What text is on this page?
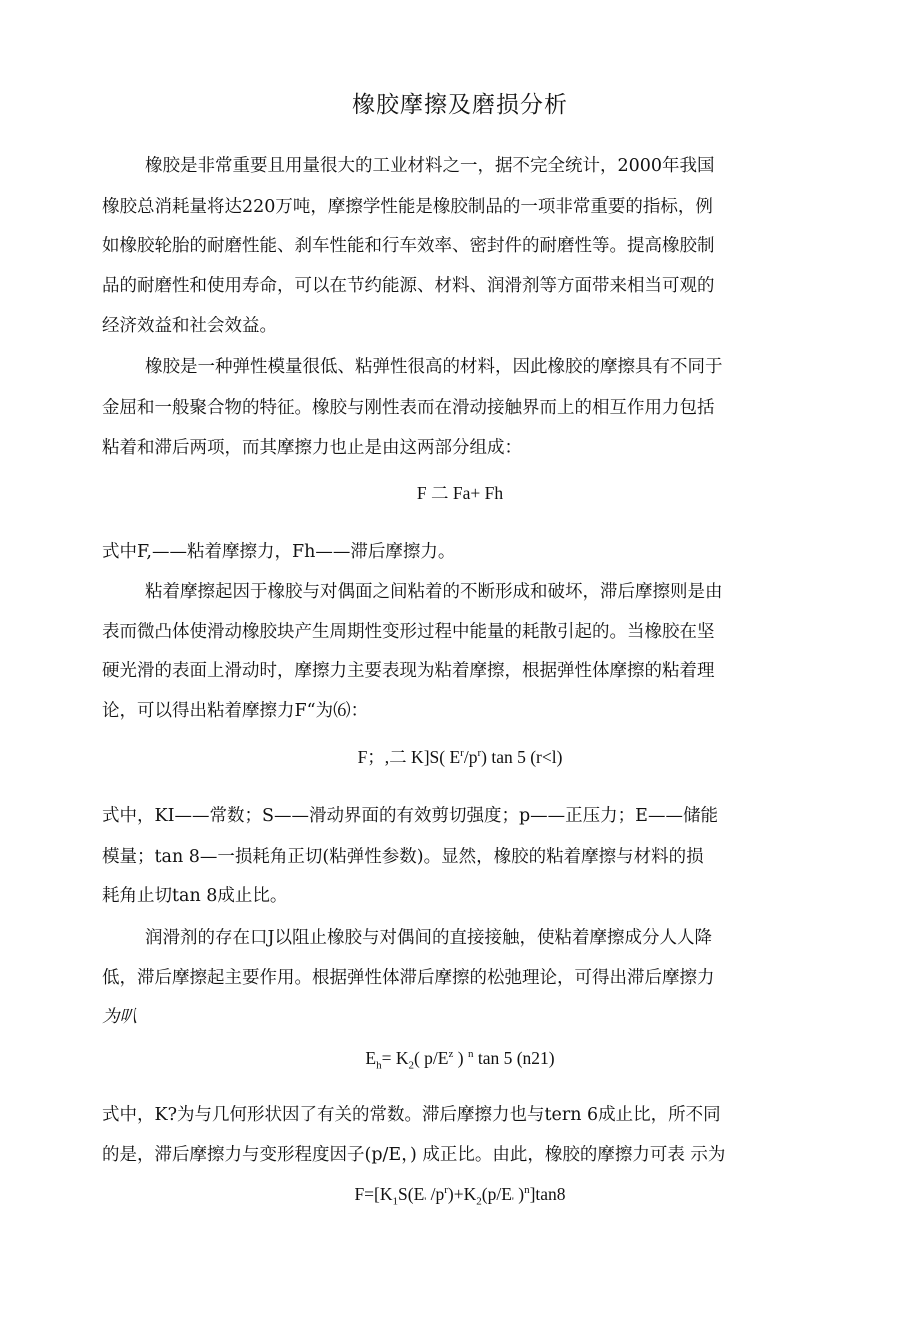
橡胶摩擦及磨损分析
橡胶是非常重要且用量很大的工业材料之一，据不完全统计，2000年我国
橡胶总消耗量将达220万吨，摩擦学性能是橡胶制品的一项非常重要的指标，例
如橡胶轮胎的耐磨性能、刹车性能和行车效率、密封件的耐磨性等。提高橡胶制
品的耐磨性和使用寿命，可以在节约能源、材料、润滑剂等方面带来相当可观的
经济效益和社会效益。
橡胶是一种弹性模量很低、粘弹性很高的材料，因此橡胶的摩擦具有不同于
金屈和一般聚合物的特征。橡胶与刚性表而在滑动接触界而上的相互作用力包括
粘着和滞后两项，而其摩擦力也止是由这两部分组成：
F 二 Fa+ Fh
式中F,——粘着摩擦力，Fh——滞后摩擦力。
粘着摩擦起因于橡胶与对偶面之间粘着的不断形成和破坏，滞后摩擦则是由
表而微凸体使滑动橡胶块产生周期性变形过程中能量的耗散引起的。当橡胶在坚
硬光滑的表面上滑动时，摩擦力主要表现为粘着摩擦，根据弹性体摩擦的粘着理
论，可以得出粘着摩擦力F“为⑹：
F；,二 K]S( $E^r/p^r$) tan 5 (r<l)
式中，KI——常数；S——滑动界面的有效剪切强度；p——正压力；E——储能
模量；tan 8—一损耗角正切(粘弹性参数)。显然，橡胶的粘着摩擦与材料的损
耗角止切tan 8成止比。
润滑剂的存在口J以阻止橡胶与对偶间的直接接触，使粘着摩擦成分人人降
低，滞后摩擦起主要作用。根据弹性体滞后摩擦的松弛理论，可得出滞后摩擦力
为叭
$E_h= K_2$( $p/E^z$ ) $^n$ tan 5 (n21)
式中，K?为与几何形状因了有关的常数。滞后摩擦力也与tern 6成止比，所不同
的是，滞后摩擦力与变形程度因子(p/E，) 成正比。由此，橡胶的摩擦力可表 示为
$F=[K_1S(E'$ $/p^r)+K_2(p/E'$ )$^n$]tan8
